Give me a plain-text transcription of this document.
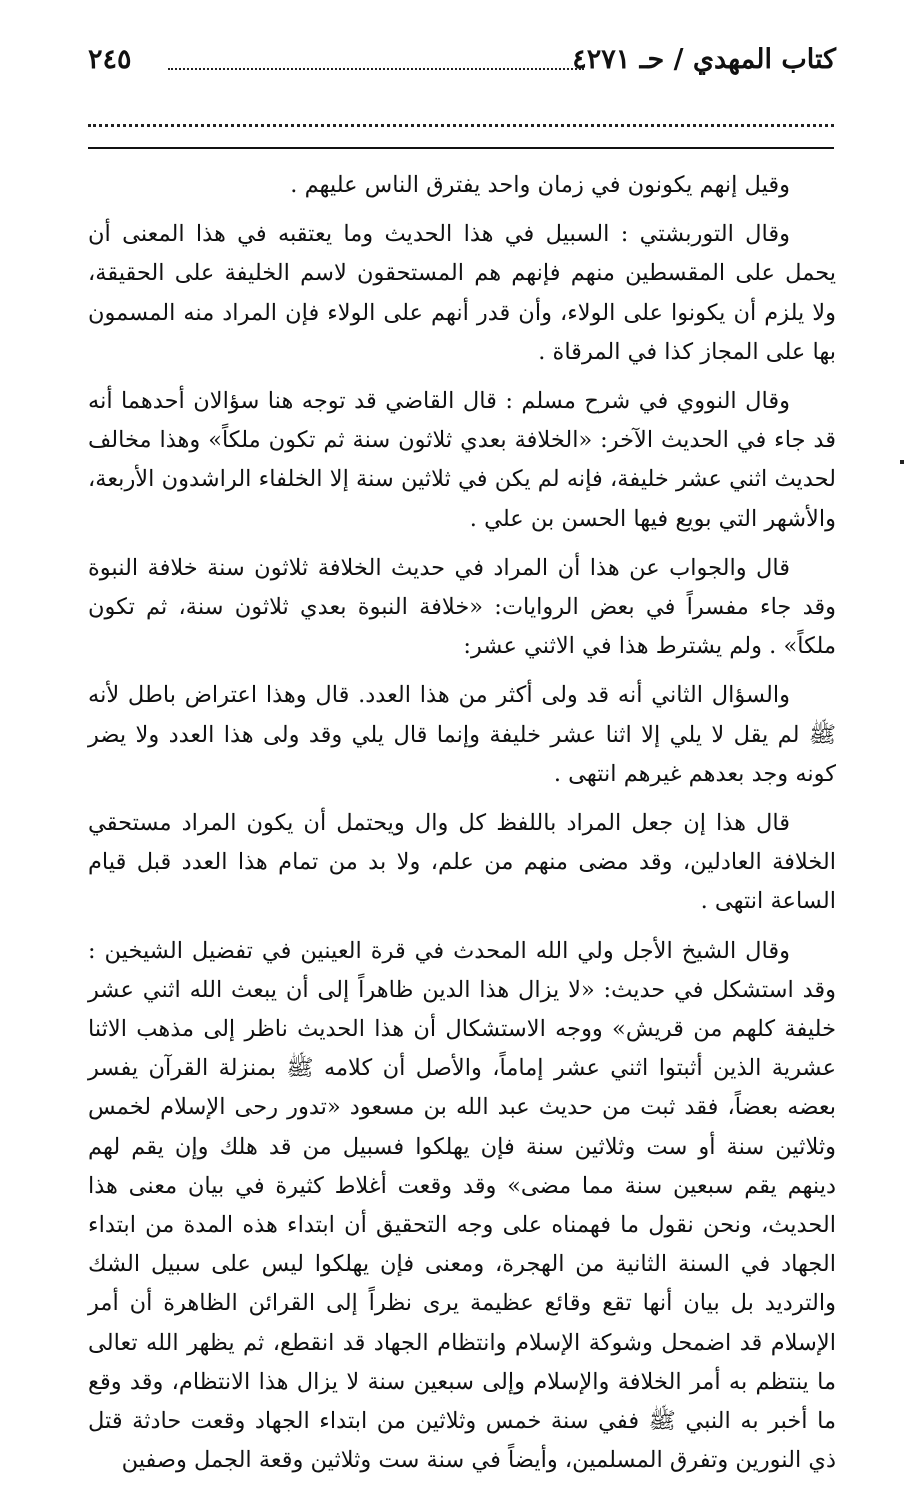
كتاب المهدي / حـ ٤٢٧١
٢٤٥

وقيل إنهم يكونون في زمان واحد يفترق الناس عليهم .

وقال التوربشتي : السبيل في هذا الحديث وما يعتقبه في هذا المعنى أن يحمل على المقسطين منهم فإنهم هم المستحقون لاسم الخليفة على الحقيقة، ولا يلزم أن يكونوا على الولاء، وأن قدر أنهم على الولاء فإن المراد منه المسمون بها على المجاز كذا في المرقاة .

وقال النووي في شرح مسلم : قال القاضي قد توجه هنا سؤالان أحدهما أنه قد جاء في الحديث الآخر: «الخلافة بعدي ثلاثون سنة ثم تكون ملكاً» وهذا مخالف لحديث اثني عشر خليفة، فإنه لم يكن في ثلاثين سنة إلا الخلفاء الراشدون الأربعة، والأشهر التي بويع فيها الحسن بن علي .

قال والجواب عن هذا أن المراد في حديث الخلافة ثلاثون سنة خلافة النبوة وقد جاء مفسراً في بعض الروايات: «خلافة النبوة بعدي ثلاثون سنة، ثم تكون ملكاً» . ولم يشترط هذا في الاثني عشر:

والسؤال الثاني أنه قد ولى أكثر من هذا العدد. قال وهذا اعتراض باطل لأنه ﷺ لم يقل لا يلي إلا اثنا عشر خليفة وإنما قال يلي وقد ولى هذا العدد ولا يضر كونه وجد بعدهم غيرهم انتهى .

قال هذا إن جعل المراد باللفظ كل وال ويحتمل أن يكون المراد مستحقي الخلافة العادلين، وقد مضى منهم من علم، ولا بد من تمام هذا العدد قبل قيام الساعة انتهى .

وقال الشيخ الأجل ولي الله المحدث في قرة العينين في تفضيل الشيخين : وقد استشكل في حديث: «لا يزال هذا الدين ظاهراً إلى أن يبعث الله اثني عشر خليفة كلهم من قريش» ووجه الاستشكال أن هذا الحديث ناظر إلى مذهب الاثنا عشرية الذين أثبتوا اثني عشر إماماً، والأصل أن كلامه ﷺ بمنزلة القرآن يفسر بعضه بعضاً، فقد ثبت من حديث عبد الله بن مسعود «تدور رحى الإسلام لخمس وثلاثين سنة أو ست وثلاثين سنة فإن يهلكوا فسبيل من قد هلك وإن يقم لهم دينهم يقم سبعين سنة مما مضى» وقد وقعت أغلاط كثيرة في بيان معنى هذا الحديث، ونحن نقول ما فهمناه على وجه التحقيق أن ابتداء هذه المدة من ابتداء الجهاد في السنة الثانية من الهجرة، ومعنى فإن يهلكوا ليس على سبيل الشك والترديد بل بيان أنها تقع وقائع عظيمة يرى نظراً إلى القرائن الظاهرة أن أمر الإسلام قد اضمحل وشوكة الإسلام وانتظام الجهاد قد انقطع، ثم يظهر الله تعالى ما ينتظم به أمر الخلافة والإسلام وإلى سبعين سنة لا يزال هذا الانتظام، وقد وقع ما أخبر به النبي ﷺ ففي سنة خمس وثلاثين من ابتداء الجهاد وقعت حادثة قتل ذي النورين وتفرق المسلمين، وأيضاً في سنة ست وثلاثين وقعة الجمل وصفين
